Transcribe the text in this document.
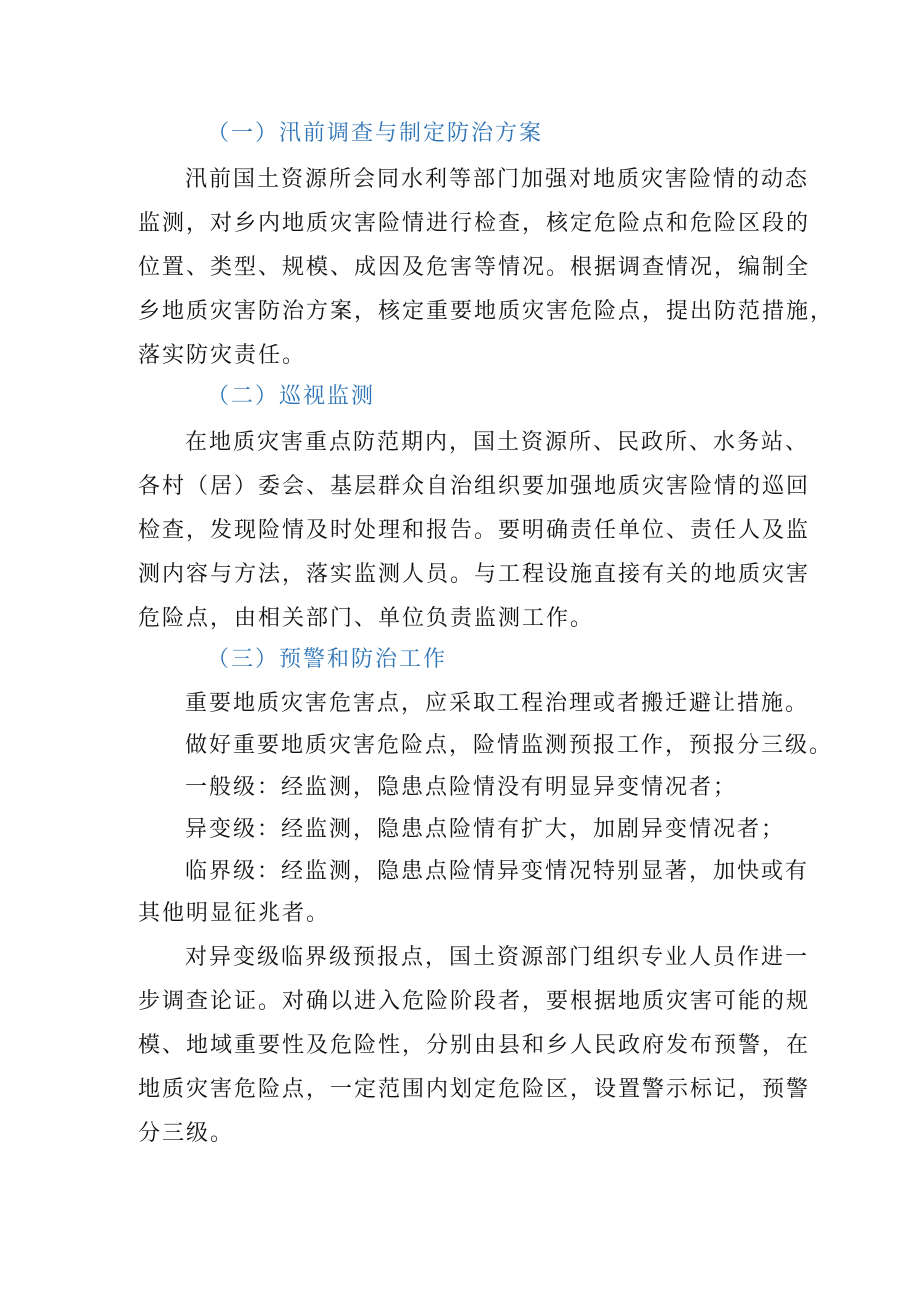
（一）汛前调查与制定防治方案
汛前国土资源所会同水利等部门加强对地质灾害险情的动态
监测，对乡内地质灾害险情进行检查，核定危险点和危险区段的
位置、类型、规模、成因及危害等情况。根据调查情况，编制全
乡地质灾害防治方案，核定重要地质灾害危险点，提出防范措施，
落实防灾责任。
（二）巡视监测
在地质灾害重点防范期内，国土资源所、民政所、水务站、
各村（居）委会、基层群众自治组织要加强地质灾害险情的巡回
检查，发现险情及时处理和报告。要明确责任单位、责任人及监
测内容与方法，落实监测人员。与工程设施直接有关的地质灾害
危险点，由相关部门、单位负责监测工作。
（三）预警和防治工作
重要地质灾害危害点，应采取工程治理或者搬迁避让措施。
做好重要地质灾害危险点，险情监测预报工作，预报分三级。
一般级：经监测，隐患点险情没有明显异变情况者；
异变级：经监测，隐患点险情有扩大，加剧异变情况者；
临界级：经监测，隐患点险情异变情况特别显著，加快或有
其他明显征兆者。
对异变级临界级预报点，国土资源部门组织专业人员作进一
步调查论证。对确以进入危险阶段者，要根据地质灾害可能的规
模、地域重要性及危险性，分别由县和乡人民政府发布预警，在
地质灾害危险点，一定范围内划定危险区，设置警示标记，预警
分三级。
